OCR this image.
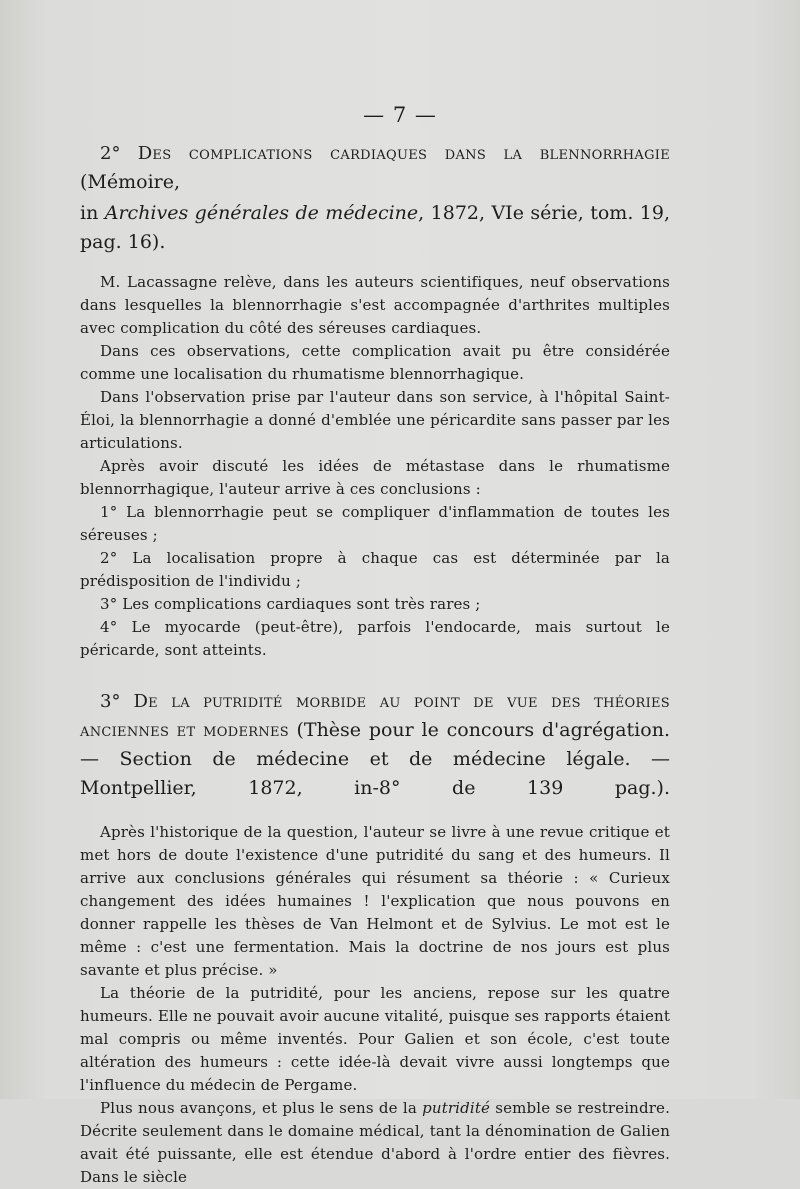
— 7 —
2° Des complications cardiaques dans la blennorrhagie (Mémoire,
in Archives générales de médecine, 1872, VIe série, tom. 19, pag. 16).

M. Lacassagne relève, dans les auteurs scientifiques, neuf observations dans lesquelles la blennorrhagie s'est accompagnée d'arthrites multiples avec complication du côté des séreuses cardiaques.

Dans ces observations, cette complication avait pu être considérée comme une localisation du rhumatisme blennorrhagique.

Dans l'observation prise par l'auteur dans son service, à l'hôpital Saint-Éloi, la blennorrhagie a donné d'emblée une péricardite sans passer par les articulations.

Après avoir discuté les idées de métastase dans le rhumatisme blennorrhagique, l'auteur arrive à ces conclusions :

1° La blennorrhagie peut se compliquer d'inflammation de toutes les séreuses ;

2° La localisation propre à chaque cas est déterminée par la prédisposition de l'individu ;

3° Les complications cardiaques sont très rares ;

4° Le myocarde (peut-être), parfois l'endocarde, mais surtout le péricarde, sont atteints.

3° De la putridité morbide au point de vue des théories anciennes et modernes (Thèse pour le concours d'agrégation. — Section de médecine et de médecine légale. — Montpellier, 1872, in-8° de 139 pag.).

Après l'historique de la question, l'auteur se livre à une revue critique et met hors de doute l'existence d'une putridité du sang et des humeurs. Il arrive aux conclusions générales qui résument sa théorie : « Curieux changement des idées humaines ! l'explication que nous pouvons en donner rappelle les thèses de Van Helmont et de Sylvius. Le mot est le même : c'est une fermentation. Mais la doctrine de nos jours est plus savante et plus précise. »

La théorie de la putridité, pour les anciens, repose sur les quatre humeurs. Elle ne pouvait avoir aucune vitalité, puisque ses rapports étaient mal compris ou même inventés. Pour Galien et son école, c'est toute altération des humeurs : cette idée-là devait vivre aussi longtemps que l'influence du médecin de Pergame.

Plus nous avançons, et plus le sens de la putridité semble se restreindre. Décrite seulement dans le domaine médical, tant la dénomination de Galien avait été puissante, elle est étendue d'abord à l'ordre entier des fièvres. Dans le siècle
